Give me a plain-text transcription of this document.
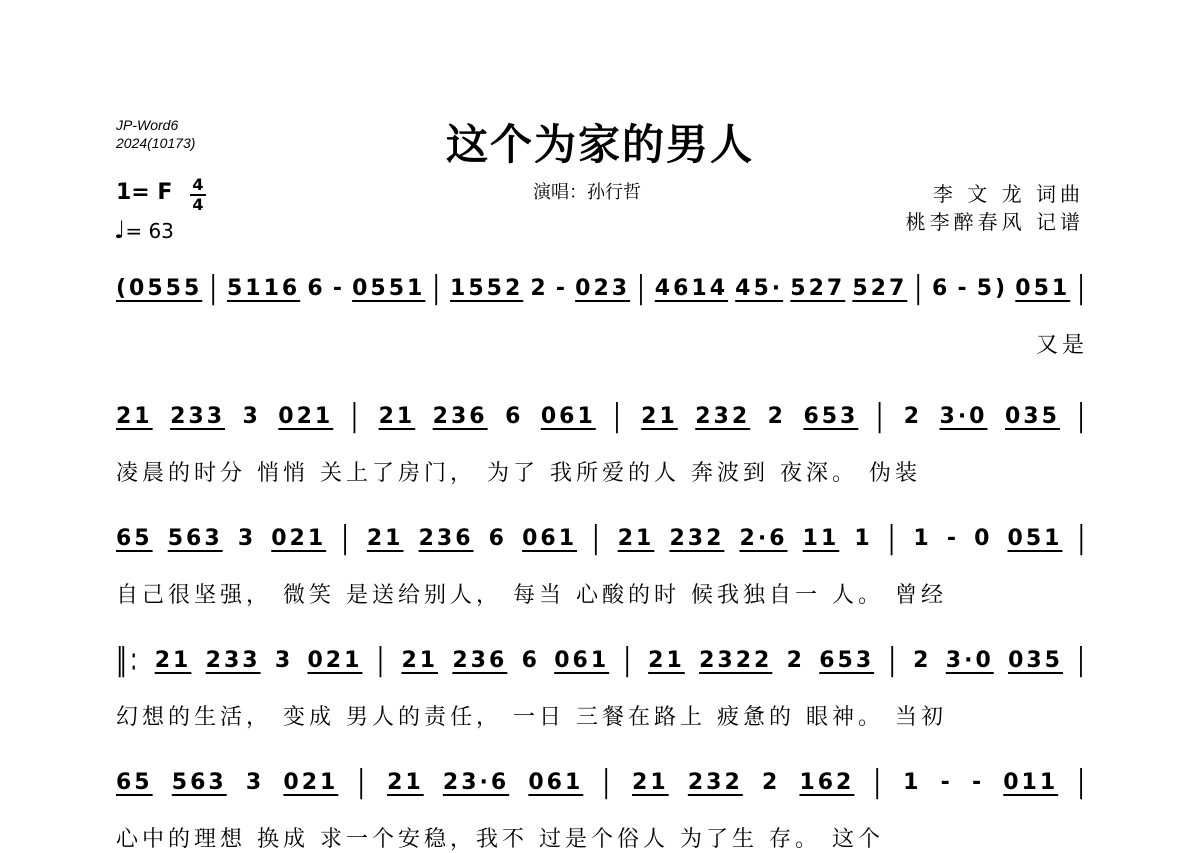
JP-Word6
2024(10173)	这个为家的男人
1= F 4
4
♩= 63
演唱：孙行哲	李 文 龙 词曲
桃李醉春风 记谱
(0555 | 5116 6 - 0551 | 1552 2 - 023 | 4614 45· 527 527 | 6 - 5) 051 |
又是
21 233 3 021 | 21 236 6 061 | 21 232 2 653 | 2 3·0 035 |
凌晨的时分 悄悄 关上了房门， 为了 我所爱的人 奔波到 夜深。 伪装
65 563 3 021 | 21 236 6 061 | 21 232 2·6 11 1 | 1 - 0 051 |
自己很坚强， 微笑 是送给别人， 每当 心酸的时 候我独自一 人。 曾经
‖: 21 233 3 021 | 21 236 6 061 | 21 2322 2 653 | 2 3·0 035 |
幻想的生活， 变成 男人的责任， 一日 三餐在路上 疲惫的 眼神。 当初
65 563 3 021 | 21 23·6 061 | 21 232 2 162 | 1 - - 011 |
心中的理想 换成 求一个安稳，我不 过是个俗人 为了生 存。 这个
